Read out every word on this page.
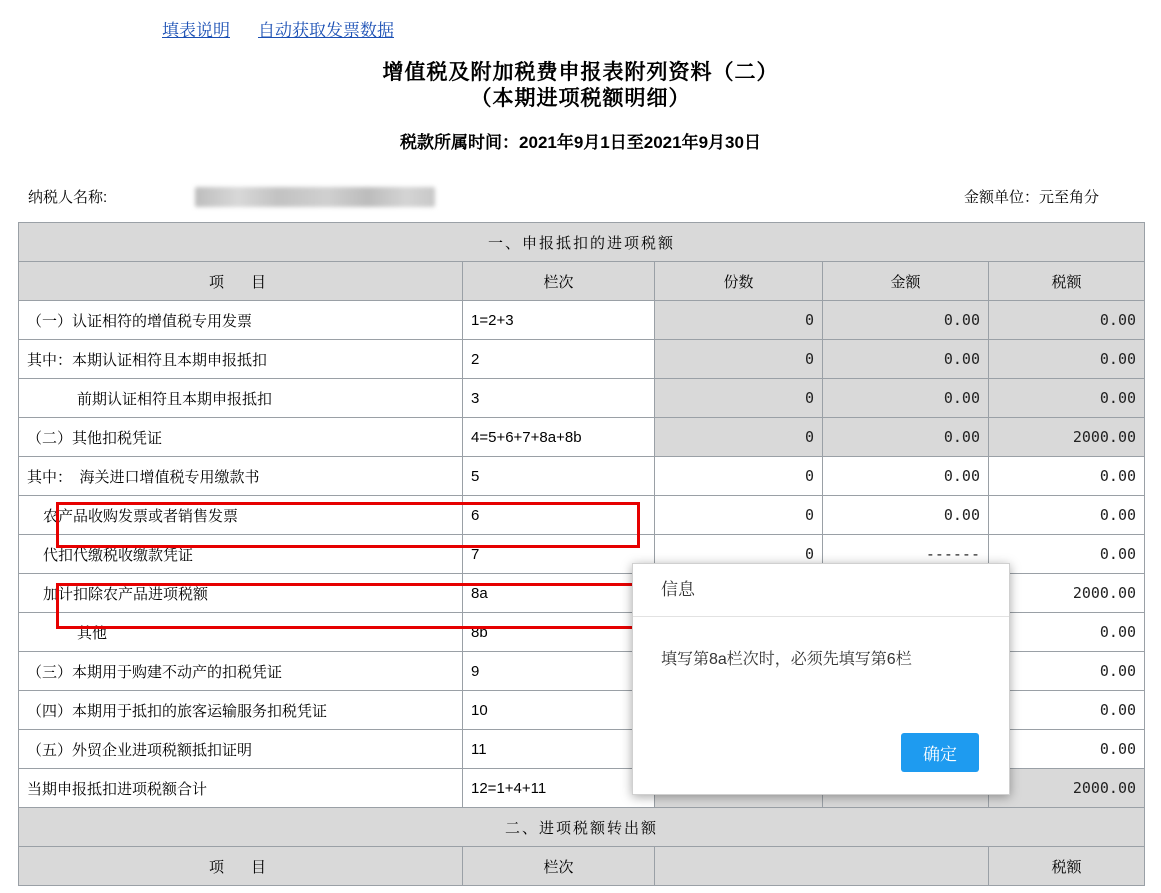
填表说明 自动获取发票数据
增值税及附加税费申报表附列资料（二）
（本期进项税额明细）
税款所属时间：2021年9月1日至2021年9月30日
纳税人名称:	金额单位：元至角分
一、申报抵扣的进项税额				
项　目	栏次	份数	金额	税额
（一）认证相符的增值税专用发票	1=2+3	0	0.00	0.00
其中：本期认证相符且本期申报抵扣	2	0	0.00	0.00
前期认证相符且本期申报抵扣	3	0	0.00	0.00
（二）其他扣税凭证	4=5+6+7+8a+8b	0	0.00	2000.00
其中：　海关进口增值税专用缴款书	5	0	0.00	0.00
农产品收购发票或者销售发票	6	0	0.00	0.00
代扣代缴税收缴款凭证	7	0	------	0.00
加计扣除农产品进项税额	8a			2000.00
其他	8b			0.00
（三）本期用于购建不动产的扣税凭证	9			0.00
（四）本期用于抵扣的旅客运输服务扣税凭证	10			0.00
（五）外贸企业进项税额抵扣证明	11			0.00
当期申报抵扣进项税额合计	12=1+4+11			2000.00
二、进项税额转出额				
项　目	栏次			税额
信息
填写第8a栏次时，必须先填写第6栏
确定
